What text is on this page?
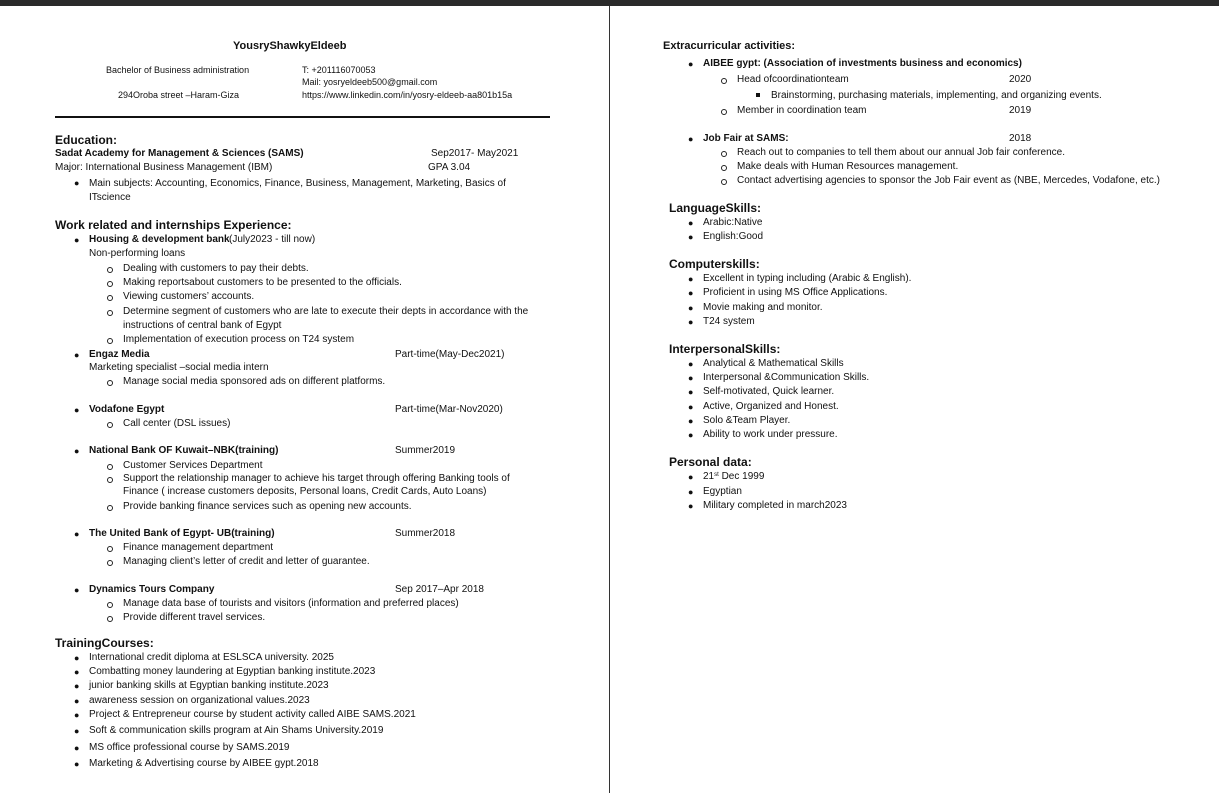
YousryShawkyEldeeb
Bachelor of Business administration	T: +201116070053
Mail: yosryeldeeb500@gmail.com
294Oroba street –Haram-Giza	https://www.linkedin.com/in/yosry-eldeeb-aa801b15a
Education:
Sadat Academy for Management & Sciences (SAMS)	Sep2017- May2021
Major: International Business Management (IBM)	GPA 3.04
● Main subjects: Accounting, Economics, Finance, Business, Management, Marketing, Basics of
ITscience
Work related and internships Experience:
● Housing & development bank (July2023 - till now)
Non-performing loans
Dealing with customers to pay their debts.
Making reportsabout customers to be presented to the officials.
Viewing customers’ accounts.
Determine segment of customers who are late to execute their depts in accordance with the
instructions of central bank of Egypt
Implementation of execution process on T24 system
● Engaz Media	Part-time(May-Dec2021)
Marketing specialist –social media intern
Manage social media sponsored ads on different platforms.
● Vodafone Egypt	Part-time(Mar-Nov2020)
Call center (DSL issues)
● National Bank OF Kuwait–NBK(training)	Summer2019
Customer Services Department
Support the relationship manager to achieve his target through offering Banking tools of
Finance ( increase customers deposits, Personal loans, Credit Cards, Auto Loans)
Provide banking finance services such as opening new accounts.
● The United Bank of Egypt- UB(training)	Summer2018
Finance management department
Managing client’s letter of credit and letter of guarantee.
● Dynamics Tours Company	Sep 2017–Apr 2018
Manage data base of tourists and visitors (information and preferred places)
Provide different travel services.
TrainingCourses:
● International credit diploma at ESLSCA university. 2025
● Combatting money laundering at Egyptian banking institute.2023
● junior banking skills at Egyptian banking institute.2023
● awareness session on organizational values.2023
● Project & Entrepreneur course by student activity called AIBE SAMS.2021
● Soft & communication skills program at Ain Shams University.2019
● MS office professional course by SAMS.2019
● Marketing & Advertising course by AIBEE gypt.2018
Extracurricular activities:
● AIBEE gypt: (Association of investments business and economics)
Head ofcoordinationteam	2020
Brainstorming, purchasing materials, implementing, and organizing events.
Member in coordination team	2019
● Job Fair at SAMS:	2018
Reach out to companies to tell them about our annual Job fair conference.
Make deals with Human Resources management.
Contact advertising agencies to sponsor the Job Fair event as (NBE, Mercedes, Vodafone, etc.)
LanguageSkills:
● Arabic:Native
● English:Good
Computerskills:
● Excellent in typing including (Arabic & English).
● Proficient in using MS Office Applications.
● Movie making and monitor.
● T24 system
InterpersonalSkills:
● Analytical & Mathematical Skills
● Interpersonal &Communication Skills.
● Self-motivated, Quick learner.
● Active, Organized and Honest.
● Solo &Team Player.
● Ability to work under pressure.
Personal data:
● 21st Dec 1999
● Egyptian
● Military completed in march2023
